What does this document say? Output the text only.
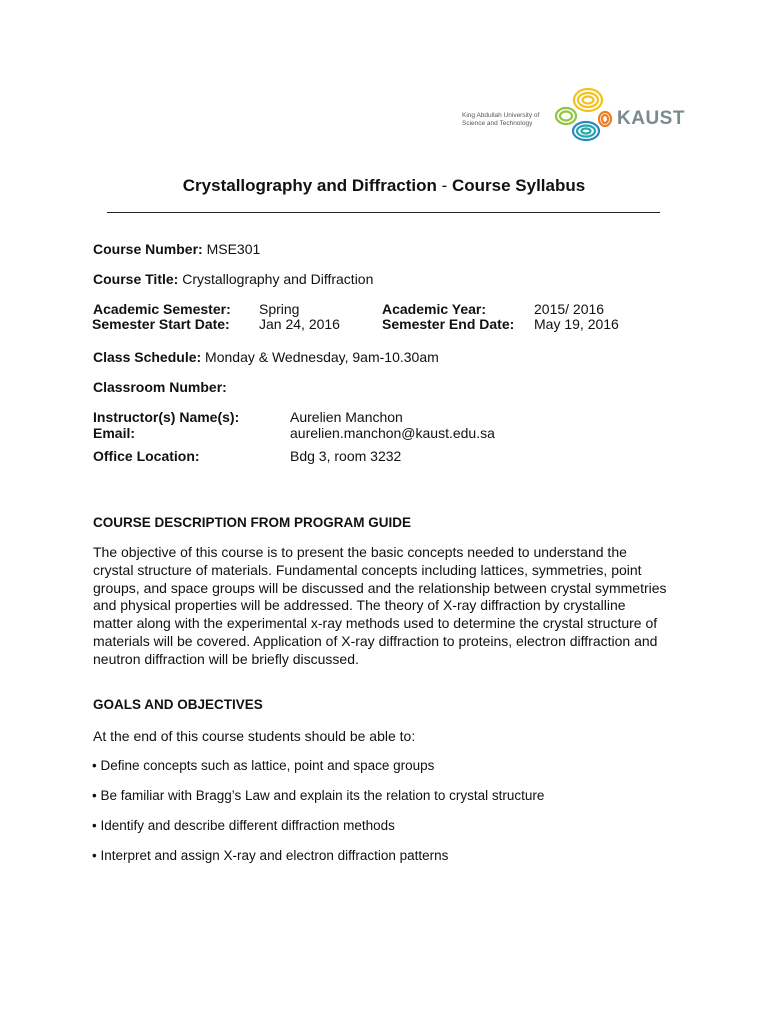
King Abdullah University of
Science and Technology	KAUST
Crystallography and Diffraction - Course Syllabus
Course Number: MSE301
Course Title: Crystallography and Diffraction
Academic Semester: Spring	Academic Year:	2015/ 2016
Semester Start Date: Jan 24, 2016	Semester End Date: May 19, 2016
Class Schedule: Monday & Wednesday, 9am-10.30am
Classroom Number:
Instructor(s) Name(s):	Aurelien Manchon
Email:	aurelien.manchon@kaust.edu.sa
Office Location:	Bdg 3, room 3232
COURSE DESCRIPTION FROM PROGRAM GUIDE
The objective of this course is to present the basic concepts needed to understand the
crystal structure of materials. Fundamental concepts including lattices, symmetries, point
groups, and space groups will be discussed and the relationship between crystal symmetries
and physical properties will be addressed. The theory of X-ray diffraction by crystalline
matter along with the experimental x-ray methods used to determine the crystal structure of
materials will be covered. Application of X-ray diffraction to proteins, electron diffraction and
neutron diffraction will be briefly discussed.
GOALS AND OBJECTIVES
At the end of this course students should be able to:
• Define concepts such as lattice, point and space groups
• Be familiar with Bragg’s Law and explain its the relation to crystal structure
• Identify and describe different diffraction methods
• Interpret and assign X-ray and electron diffraction patterns
